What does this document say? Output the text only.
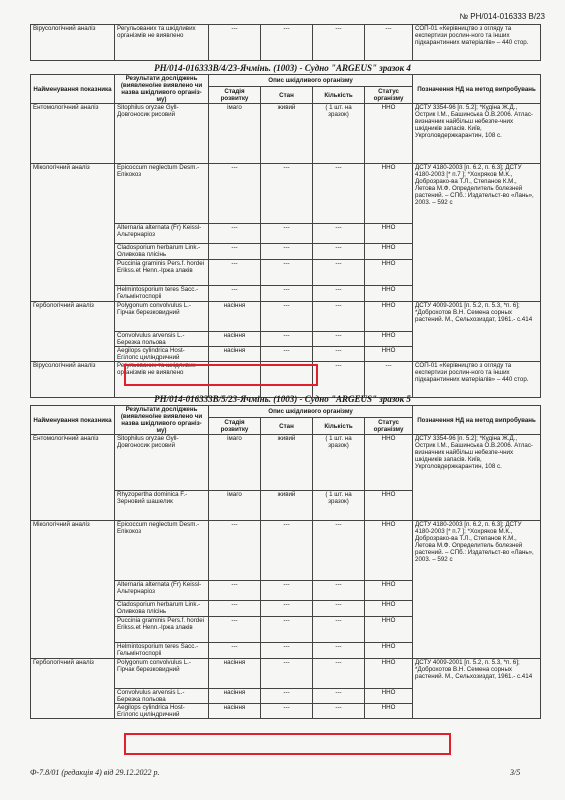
№ РН/014-016333 В/23
Вірусологічний аналіз	Регульованих та шкідливих організмів не виявлено	---	---	---	---	СОП-01 «Керівництво з огляду та експертизи рослин-ного та інших підкарантинних матеріалів» – 440 стор.
РН/014-016333В/4/23-Ячмінь. (1003) - Судно "ARGEUS" зразок 4
Найменування показника	Результати досліджень (виявлено/не виявлено чи назва шкідливого організ-му)	Опис шкідливого організму				Позначення НД на метод випробувань
		Стадія розвитку	Стан	Кількість	Статус організму	
Ентомологічний аналіз	Sitophilus oryzae Gyll-Довгоносик рисовий	імаго	живий	( 1 шт. на зразок)	ННО	ДСТУ 3354-96 [п. 5.2]; *Кудіна Ж.Д., Острик І.М., Башинська О.В.2006. Атлас-визначник найбільш небезпе-чних шкідників запасів. Київ, Укрголовдержкарантин, 108 с.
Мікологічний аналіз	Epicoccum neglectum Desm.-Епікокоз	---	---	---	ННО	ДСТУ 4180-2003 [п. 6.2, п. 6.3]; ДСТУ 4180-2003 [* п.7 ]; *Хохряков М.К., Доброзрако-ва Т.Л., Степанов К.М., Летова М.Ф. Определитель болезней растений. – СПб.: Издательст-во «Лань», 2003. – 592 с
	Alternaria alternata (Fr) Keissl-Альтернаріоз	---	---	---	ННО	
	Cladosporium herbarum Link.-Оливкова плісінь	---	---	---	ННО	
	Puccinia graminis Pers.f. hordei Erikss.et Henn.-Іржа злаків	---	---	---	ННО	
	Helmintosporium teres Sacc.-Гельмінтоспоріі	---	---	---	ННО	
Гербологічний аналіз	Polygonum convolvulus L.-Гірчак березковидний	насіння	---	---	ННО	ДСТУ 4009-2001 [п. 5.2, п. 5.3, *п. 6]; *Доброхотов В.Н. Семена сорных растений. М., Сельхозиздат, 1961.- с.414
	Convolvulus arvensis L.-Березка польова	насіння	---	---	ННО	
	Aegilops cylindrica Host-Егілопс циліндричний	насіння	---	---	ННО	
Вірусологічний аналіз	Регульованих та шкідливих організмів не виявлено	---	---	---	---	СОП-01 «Керівництво з огляду та експертизи рослин-ного та інших підкарантинних матеріалів» – 440 стор.
РН/014-016333В/5/23-Ячмінь. (1003) - Судно "ARGEUS" зразок 5
Найменування показника	Результати досліджень (виявлено/не виявлено чи назва шкідливого організ-му)	Опис шкідливого організму				Позначення НД на метод випробувань
		Стадія розвитку	Стан	Кількість	Статус організму	
Ентомологічний аналіз	Sitophilus oryzae Gyll-Довгоносик рисовий	імаго	живий	( 1 шт. на зразок)	ННО	ДСТУ 3354-96 [п. 5.2]; *Кудіна Ж.Д., Острик І.М., Башинська О.В.2006. Атлас-визначник найбільш небезпе-чних шкідників запасів. Київ, Укрголовдержкарантин, 108 с.
	Rhyzopertha dominica F.-Зерновий шашелик	імаго	живий	( 1 шт. на зразок)	ННО	
Мікологічний аналіз	Epicoccum neglectum Desm.-Епікокоз	---	---	---	ННО	ДСТУ 4180-2003 [п. 6.2, п. 6.3]; ДСТУ 4180-2003 [* п.7 ]; *Хохряков М.К., Доброзрако-ва Т.Л., Степанов К.М., Летова М.Ф. Определитель болезней растений. – СПб.: Издательст-во «Лань», 2003. – 592 с
	Alternaria alternata (Fr) Keissl-Альтернаріоз	---	---	---	ННО	
	Cladosporium herbarum Link.-Оливкова плісінь	---	---	---	ННО	
	Puccinia graminis Pers.f. hordei Erikss.et Henn.-Іржа злаків	---	---	---	ННО	
	Helmintosporium teres Sacc.-Гельмінтоспоріі	---	---	---	ННО	
Гербологічний аналіз	Polygonum convolvulus L.-Гірчак березковидний	насіння	---	---	ННО	ДСТУ 4009-2001 [п. 5.2, п. 5.3, *п. 6]; *Доброхотов В.Н. Семена сорных растений. М., Сельхозиздат, 1961.- с.414
	Convolvulus arvensis L.-Березка польова	насіння	---	---	ННО	
	Aegilops cylindrica Host-Егілопс циліндричний	насіння	---	---	ННО	
Ф-7.8/01 (редакція 4) від 29.12.2022 р.	3/5
